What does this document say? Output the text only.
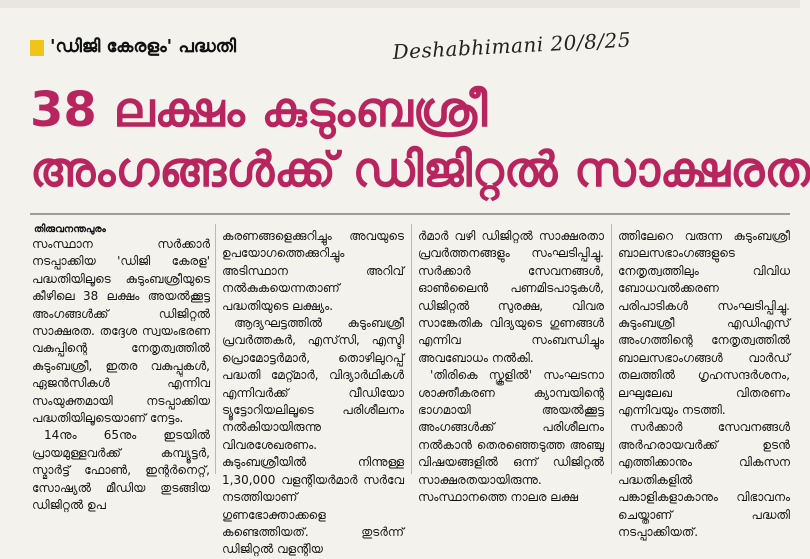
'ഡിജി കേരളം' പദ്ധതി	Deshabhimani 20/8/25
38 ലക്ഷം കുടുംബശ്രീ
അംഗങ്ങൾക്ക് ഡിജിറ്റൽ സാക്ഷരത
തിരുവനന്തപുരം

സംസ്ഥാന സർക്കാർ നടപ്പാക്കിയ 'ഡിജി കേരള' പദ്ധതിയിലൂടെ കുടുംബശ്രീയുടെ കീഴിലെ 38 ലക്ഷം അയൽക്കൂട്ട അംഗങ്ങൾക്ക് ഡിജിറ്റൽ സാക്ഷരത. തദ്ദേശ സ്വയംഭരണ വകുപ്പിന്റെ നേതൃത്വത്തിൽ കുടുംബശ്രീ, ഇതര വകുപ്പുകൾ, ഏജൻസികൾ എന്നിവ സംയുക്തമായി നടപ്പാക്കിയ പദ്ധതിയിലൂടെയാണ് നേട്ടം.

14നും 65നും ഇടയിൽ പ്രായമുള്ളവർക്ക് കമ്പ്യൂട്ടർ, സ്മാർട്ട് ഫോൺ, ഇന്റർനെറ്റ്, സോഷ്യൽ മീഡിയ തുടങ്ങിയ ഡിജിറ്റൽ ഉപ

കരണങ്ങളെക്കുറിച്ചും അവയുടെ ഉപയോഗത്തെക്കുറിച്ചും അടിസ്ഥാന അറിവ് നൽകുകയെന്നതാണ് പദ്ധതിയുടെ ലക്ഷ്യം.

ആദ്യഘട്ടത്തിൽ കുടുംബശ്രീ പ്രവർത്തകർ, എസ്‌സി, എസ്ടി പ്രൊമോട്ടർമാർ, തൊഴിലുറപ്പ് പദ്ധതി മേറ്റ്മാർ, വിദ്യാർഥികൾ എന്നിവർക്ക് വീഡിയോ ട്യൂട്ടോറിയലിലൂടെ പരിശീലനം നൽകിയായിരുന്നു വിവരശേഖരണം. കുടുംബശ്രീയിൽ നിന്നുള്ള 1,30,000 വളന്റിയർമാർ സർവേ നടത്തിയാണ് ഗുണഭോക്താക്കളെ കണ്ടെത്തിയത്. തുടർന്ന് ഡിജിറ്റൽ വളന്റിയ

ർമാർ വഴി ഡിജിറ്റൽ സാക്ഷരതാ പ്രവർത്തനങ്ങളും സംഘടിപ്പിച്ചു. സർക്കാർ സേവനങ്ങൾ, ഓൺലൈൻ പണമിടപാടുകൾ, ഡിജിറ്റൽ സുരക്ഷ, വിവര സാങ്കേതിക വിദ്യയുടെ ഗുണങ്ങൾ എന്നിവ സംബന്ധിച്ചും അവബോധം നൽകി.

'തിരികെ സ്കൂളിൽ' സംഘടനാ ശാക്തീകരണ ക്യാമ്പയിന്റെ ഭാഗമായി അയൽക്കൂട്ട അംഗങ്ങൾക്ക് പരിശീലനം നൽകാൻ തെരഞ്ഞെടുത്ത അഞ്ചു വിഷയങ്ങളിൽ ഒന്ന് ഡിജിറ്റൽ സാക്ഷരതയായിരുന്നു. സംസ്ഥാനത്തെ നാലര ലക്ഷ

ത്തിലേറെ വരുന്ന കുടുംബശ്രീ ബാലസഭാംഗങ്ങളുടെ നേതൃത്വത്തിലും വിവിധ ബോധവൽക്കരണ പരിപാടികൾ സംഘടിപ്പിച്ചു. കുടുംബശ്രീ എഡിഎസ് അംഗത്തിന്റെ നേതൃത്വത്തിൽ ബാലസഭാംഗങ്ങൾ വാർഡ് തലത്തിൽ ഗൃഹസന്ദർശനം, ലഘുലേഖ വിതരണം എന്നിവയും നടത്തി.

സർക്കാർ സേവനങ്ങൾ അർഹരായവർക്ക് ഉടൻ എത്തിക്കാനും വികസന പദ്ധതികളിൽ പങ്കാളികളാകാനും വിഭാവനം ചെയ്താണ് പദ്ധതി നടപ്പാക്കിയത്.
